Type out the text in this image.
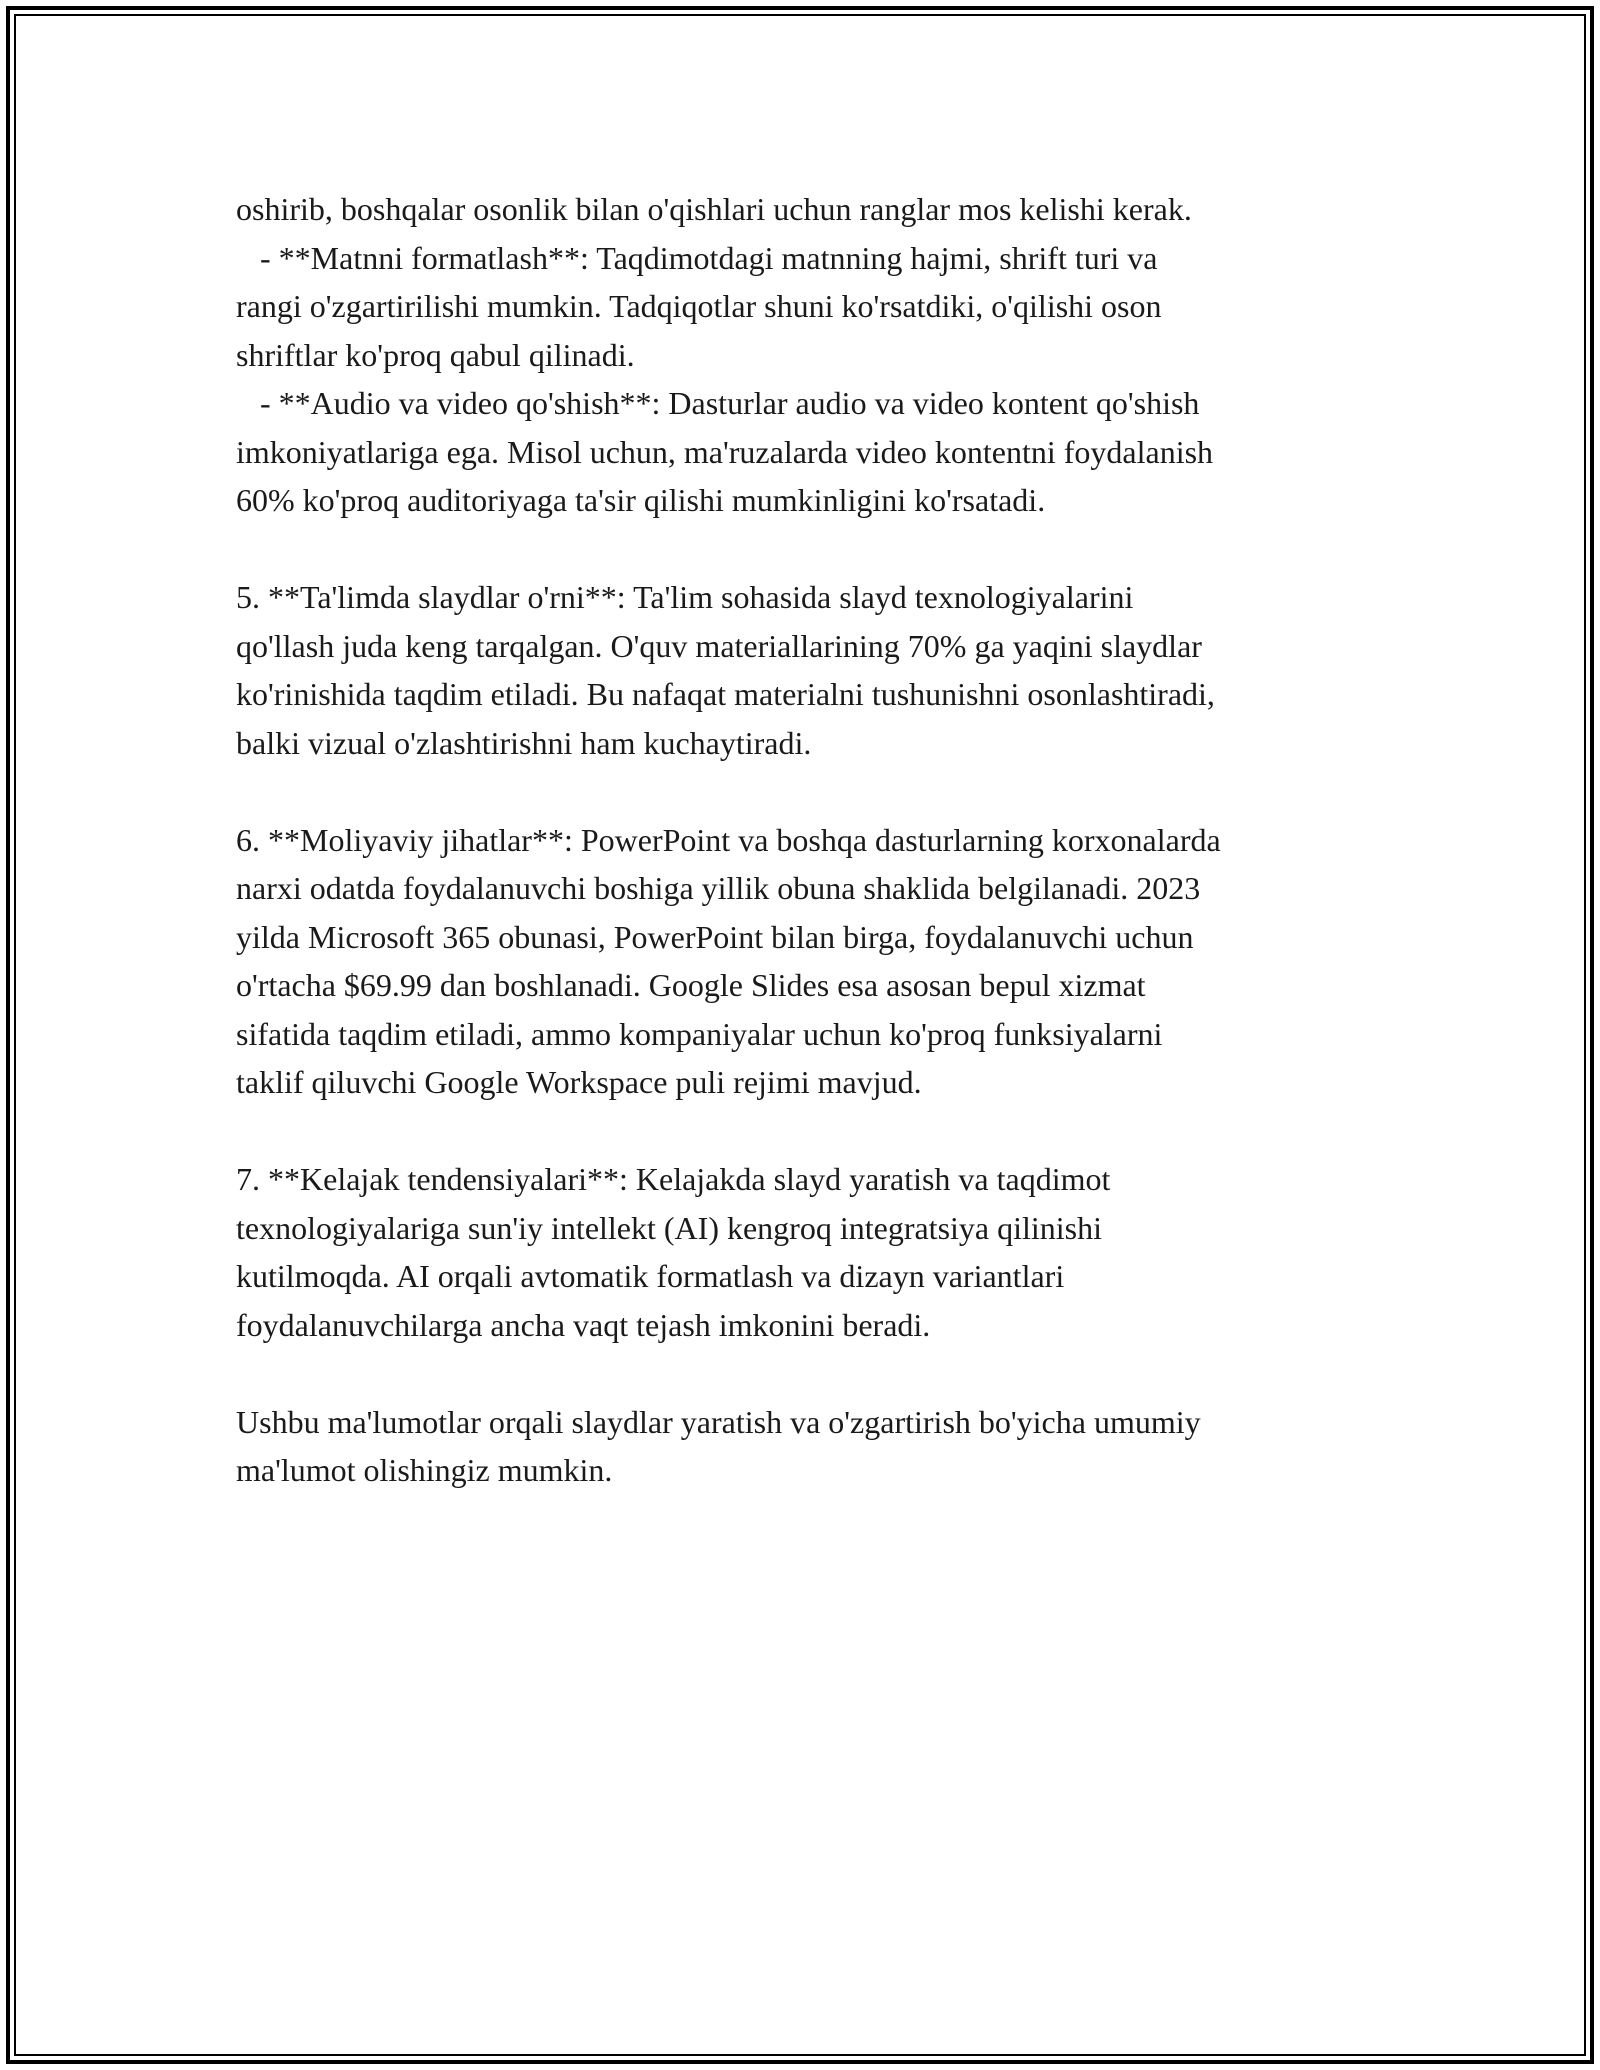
oshirib, boshqalar osonlik bilan o'qishlari uchun ranglar mos kelishi kerak.
- **Matnni formatlash**: Taqdimotdagi matnning hajmi, shrift turi va
rangi o'zgartirilishi mumkin. Tadqiqotlar shuni ko'rsatdiki, o'qilishi oson
shriftlar ko'proq qabul qilinadi.
- **Audio va video qo'shish**: Dasturlar audio va video kontent qo'shish
imkoniyatlariga ega. Misol uchun, ma'ruzalarda video kontentni foydalanish
60% ko'proq auditoriyaga ta'sir qilishi mumkinligini ko'rsatadi.
5. **Ta'limda slaydlar o'rni**: Ta'lim sohasida slayd texnologiyalarini
qo'llash juda keng tarqalgan. O'quv materiallarining 70% ga yaqini slaydlar
ko'rinishida taqdim etiladi. Bu nafaqat materialni tushunishni osonlashtiradi,
balki vizual o'zlashtirishni ham kuchaytiradi.
6. **Moliyaviy jihatlar**: PowerPoint va boshqa dasturlarning korxonalarda
narxi odatda foydalanuvchi boshiga yillik obuna shaklida belgilanadi. 2023
yilda Microsoft 365 obunasi, PowerPoint bilan birga, foydalanuvchi uchun
o'rtacha $69.99 dan boshlanadi. Google Slides esa asosan bepul xizmat
sifatida taqdim etiladi, ammo kompaniyalar uchun ko'proq funksiyalarni
taklif qiluvchi Google Workspace puli rejimi mavjud.
7. **Kelajak tendensiyalari**: Kelajakda slayd yaratish va taqdimot
texnologiyalariga sun'iy intellekt (AI) kengroq integratsiya qilinishi
kutilmoqda. AI orqali avtomatik formatlash va dizayn variantlari
foydalanuvchilarga ancha vaqt tejash imkonini beradi.
Ushbu ma'lumotlar orqali slaydlar yaratish va o'zgartirish bo'yicha umumiy
ma'lumot olishingiz mumkin.
